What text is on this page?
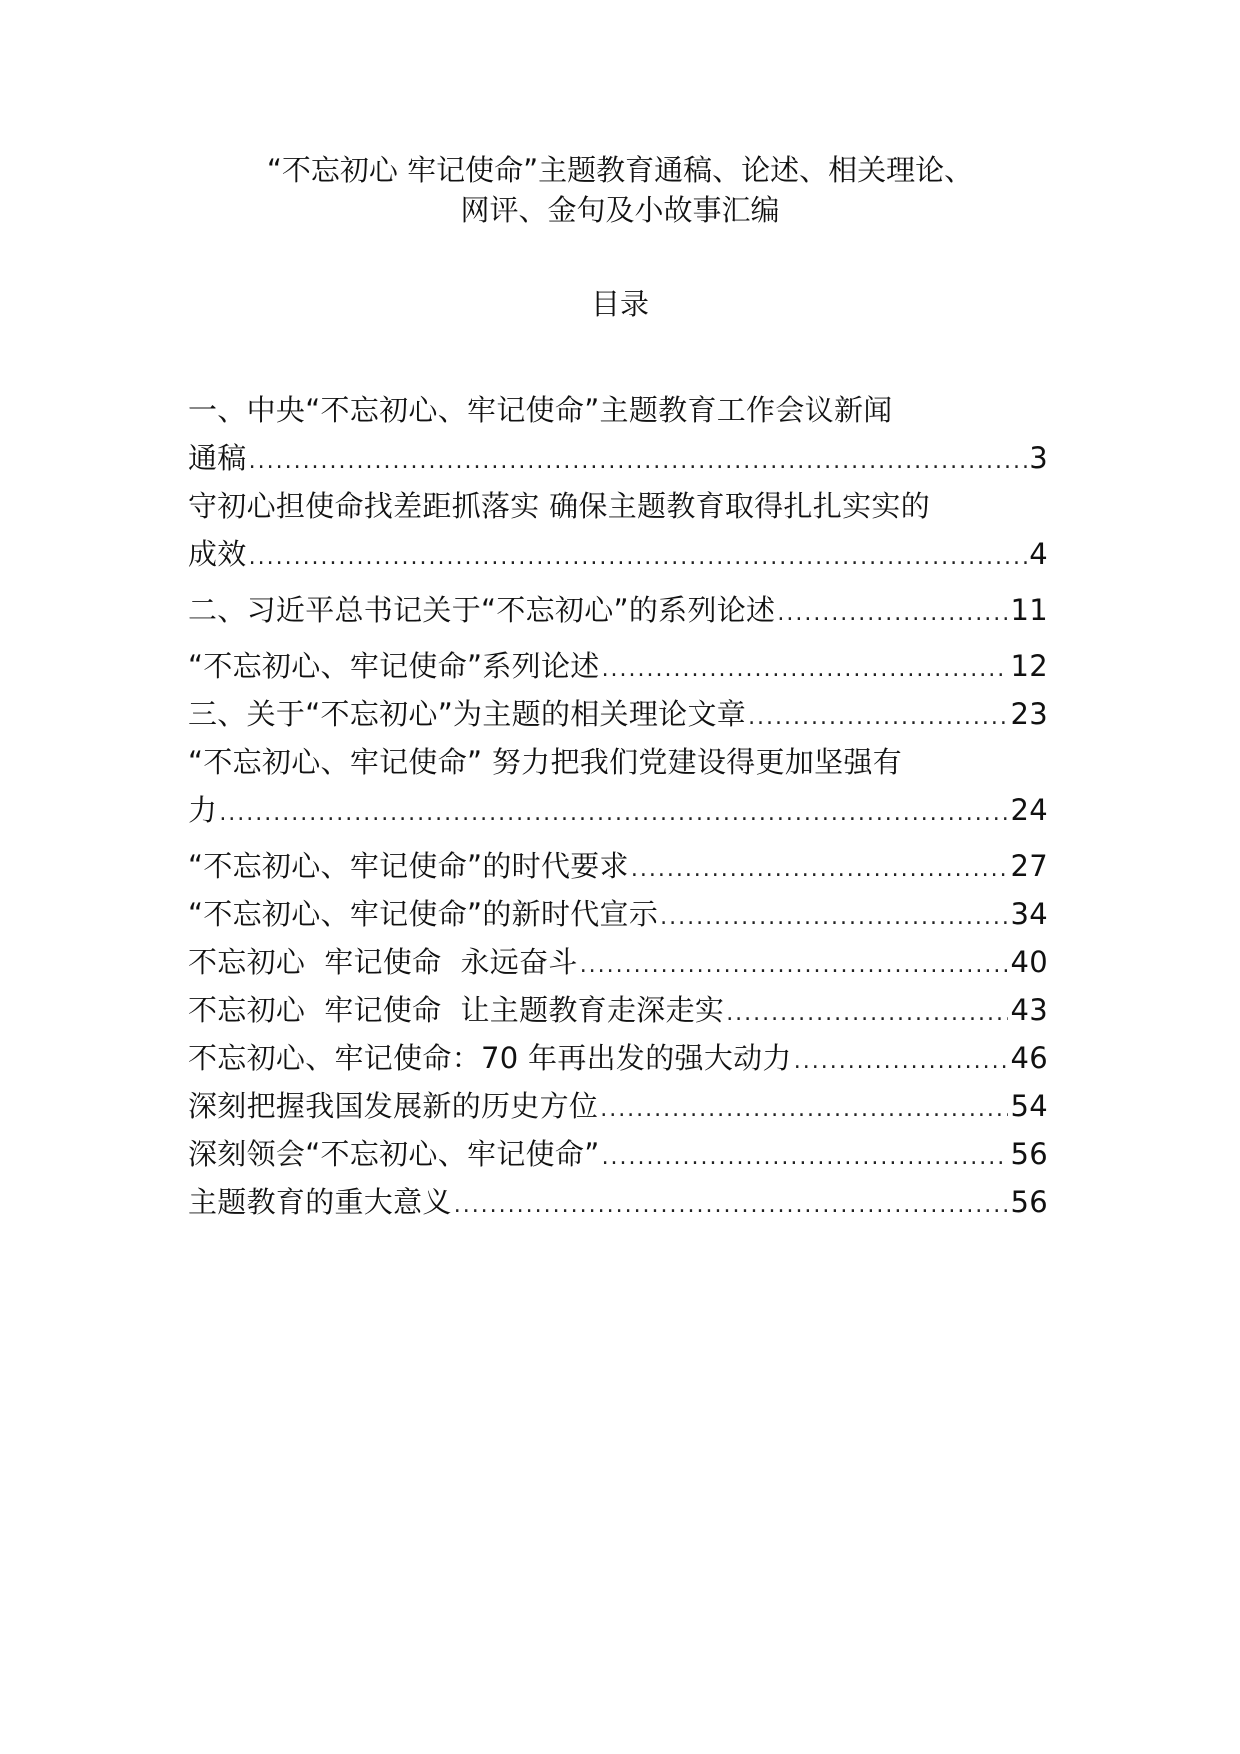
“不忘初心 牢记使命”主题教育通稿、论述、相关理论、
网评、金句及小故事汇编
目录
一、中央“不忘初心、牢记使命”主题教育工作会议新闻
通稿 .....	3
守初心担使命找差距抓落实 确保主题教育取得扎扎实实的
成效 .....	4
二、习近平总书记关于“不忘初心”的系列论述 .....	11
“不忘初心、牢记使命”系列论述 .....	12
三、关于“不忘初心”为主题的相关理论文章 .....	23
“不忘初心、牢记使命” 努力把我们党建设得更加坚强有
力 .....	24
“不忘初心、牢记使命”的时代要求 .....	27
“不忘初心、牢记使命”的新时代宣示 .....	34
不忘初心  牢记使命  永远奋斗 .....	40
不忘初心  牢记使命  让主题教育走深走实 .....	43
不忘初心、牢记使命：70 年再出发的强大动力 .....	46
深刻把握我国发展新的历史方位 .....	54
深刻领会“不忘初心、牢记使命” .....	56
主题教育的重大意义 .....	56
